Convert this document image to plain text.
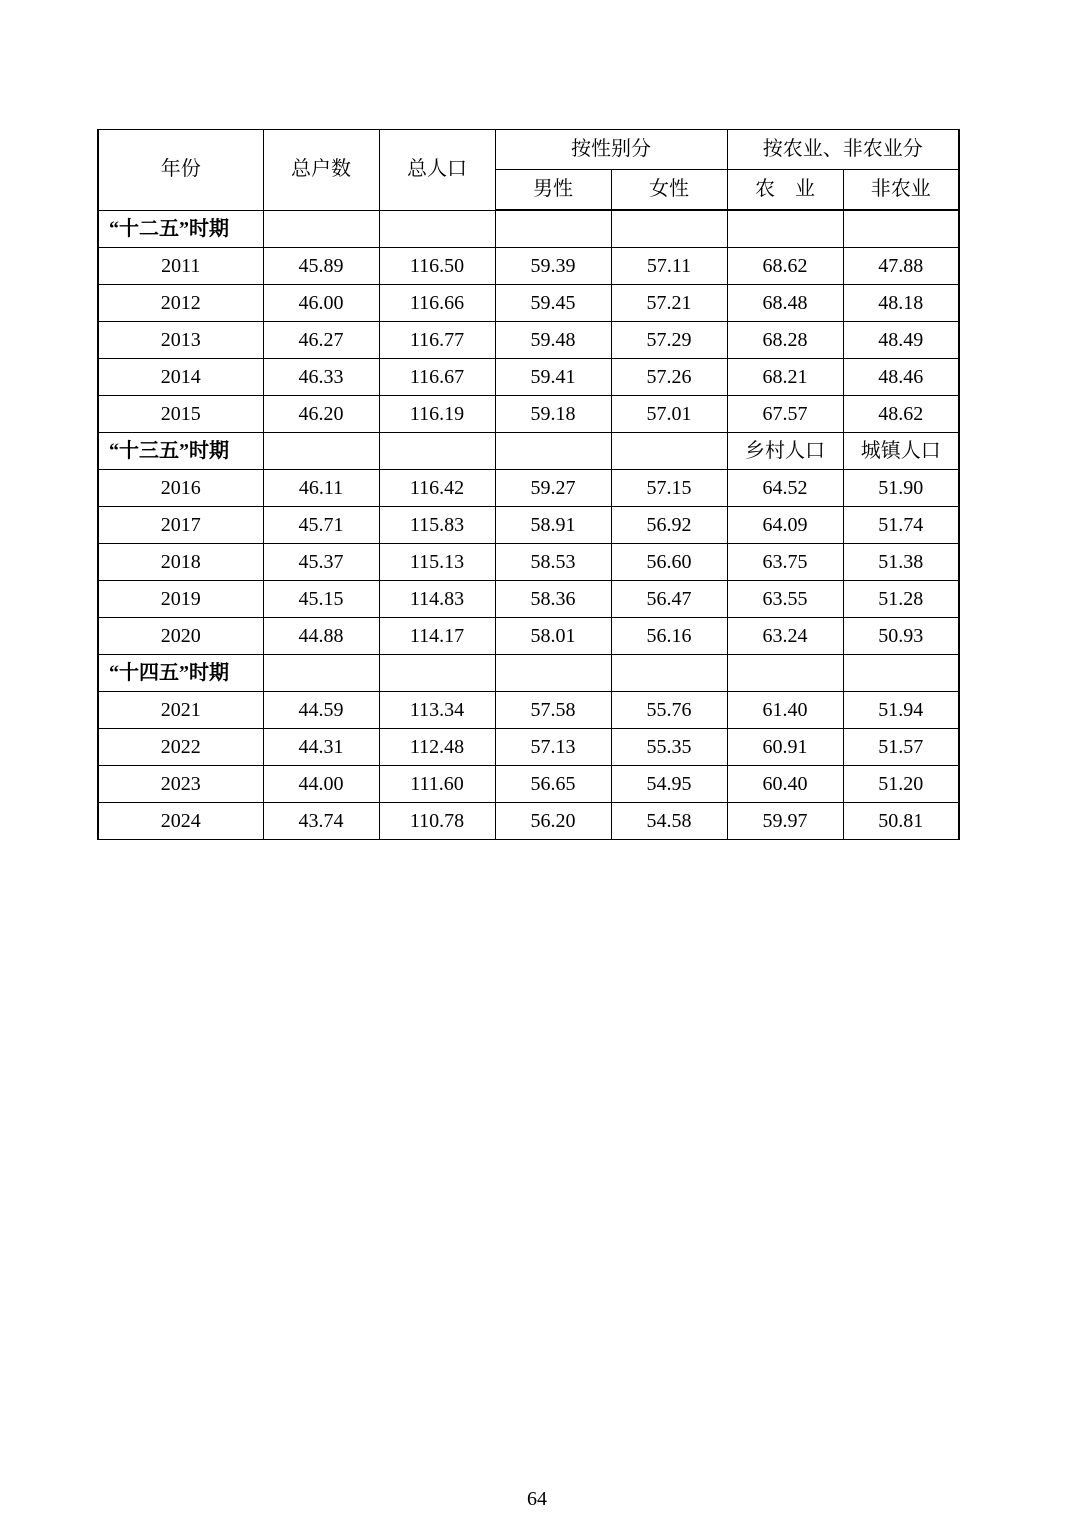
年份	总户数	总人口	按性别分		按农业、非农业分	
			男性	女性	农　业	非农业
“十二五”时期						
2011	45.89	116.50	59.39	57.11	68.62	47.88
2012	46.00	116.66	59.45	57.21	68.48	48.18
2013	46.27	116.77	59.48	57.29	68.28	48.49
2014	46.33	116.67	59.41	57.26	68.21	48.46
2015	46.20	116.19	59.18	57.01	67.57	48.62
“十三五”时期					乡村人口	城镇人口
2016	46.11	116.42	59.27	57.15	64.52	51.90
2017	45.71	115.83	58.91	56.92	64.09	51.74
2018	45.37	115.13	58.53	56.60	63.75	51.38
2019	45.15	114.83	58.36	56.47	63.55	51.28
2020	44.88	114.17	58.01	56.16	63.24	50.93
“十四五”时期						
2021	44.59	113.34	57.58	55.76	61.40	51.94
2022	44.31	112.48	57.13	55.35	60.91	51.57
2023	44.00	111.60	56.65	54.95	60.40	51.20
2024	43.74	110.78	56.20	54.58	59.97	50.81
64
